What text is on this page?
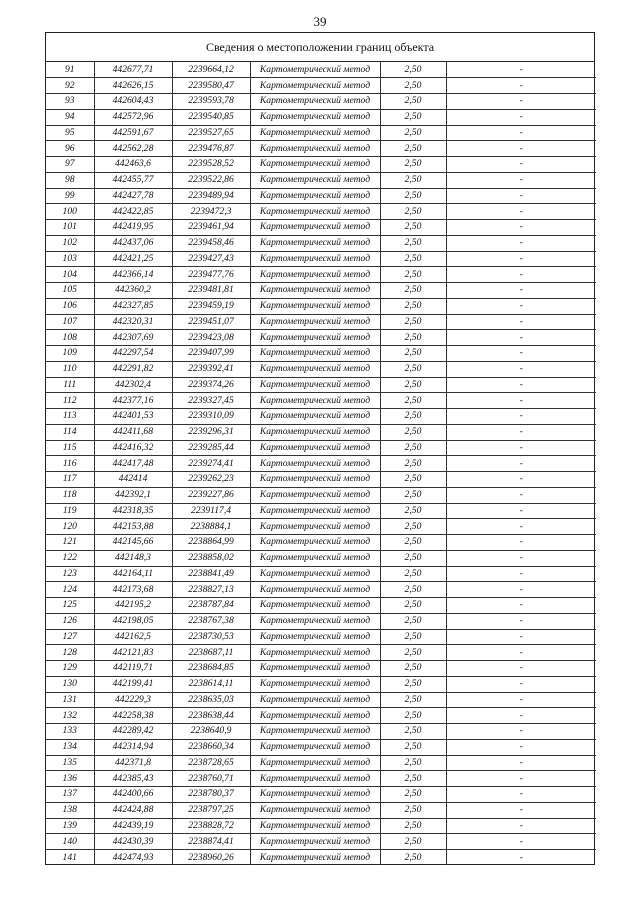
39
Сведения о местоположении границ объекта
91	442677,71	2239664,12	Картометрический метод	2,50	-
92	442626,15	2239580,47	Картометрический метод	2,50	-
93	442604,43	2239593,78	Картометрический метод	2,50	-
94	442572,96	2239540,85	Картометрический метод	2,50	-
95	442591,67	2239527,65	Картометрический метод	2,50	-
96	442562,28	2239476,87	Картометрический метод	2,50	-
97	442463,6	2239528,52	Картометрический метод	2,50	-
98	442455,77	2239522,86	Картометрический метод	2,50	-
99	442427,78	2239489,94	Картометрический метод	2,50	-
100	442422,85	2239472,3	Картометрический метод	2,50	-
101	442419,95	2239461,94	Картометрический метод	2,50	-
102	442437,06	2239458,46	Картометрический метод	2,50	-
103	442421,25	2239427,43	Картометрический метод	2,50	-
104	442366,14	2239477,76	Картометрический метод	2,50	-
105	442360,2	2239481,81	Картометрический метод	2,50	-
106	442327,85	2239459,19	Картометрический метод	2,50	-
107	442320,31	2239451,07	Картометрический метод	2,50	-
108	442307,69	2239423,08	Картометрический метод	2,50	-
109	442297,54	2239407,99	Картометрический метод	2,50	-
110	442291,82	2239392,41	Картометрический метод	2,50	-
111	442302,4	2239374,26	Картометрический метод	2,50	-
112	442377,16	2239327,45	Картометрический метод	2,50	-
113	442401,53	2239310,09	Картометрический метод	2,50	-
114	442411,68	2239296,31	Картометрический метод	2,50	-
115	442416,32	2239285,44	Картометрический метод	2,50	-
116	442417,48	2239274,41	Картометрический метод	2,50	-
117	442414	2239262,23	Картометрический метод	2,50	-
118	442392,1	2239227,86	Картометрический метод	2,50	-
119	442318,35	2239117,4	Картометрический метод	2,50	-
120	442153,88	2238884,1	Картометрический метод	2,50	-
121	442145,66	2238864,99	Картометрический метод	2,50	-
122	442148,3	2238858,02	Картометрический метод	2,50	-
123	442164,11	2238841,49	Картометрический метод	2,50	-
124	442173,68	2238827,13	Картометрический метод	2,50	-
125	442195,2	2238787,84	Картометрический метод	2,50	-
126	442198,05	2238767,38	Картометрический метод	2,50	-
127	442162,5	2238730,53	Картометрический метод	2,50	-
128	442121,83	2238687,11	Картометрический метод	2,50	-
129	442119,71	2238684,85	Картометрический метод	2,50	-
130	442199,41	2238614,11	Картометрический метод	2,50	-
131	442229,3	2238635,03	Картометрический метод	2,50	-
132	442258,38	2238638,44	Картометрический метод	2,50	-
133	442289,42	2238640,9	Картометрический метод	2,50	-
134	442314,94	2238660,34	Картометрический метод	2,50	-
135	442371,8	2238728,65	Картометрический метод	2,50	-
136	442385,43	2238760,71	Картометрический метод	2,50	-
137	442400,66	2238780,37	Картометрический метод	2,50	-
138	442424,88	2238797,25	Картометрический метод	2,50	-
139	442439,19	2238828,72	Картометрический метод	2,50	-
140	442430,39	2238874,41	Картометрический метод	2,50	-
141	442474,93	2238960,26	Картометрический метод	2,50	-
